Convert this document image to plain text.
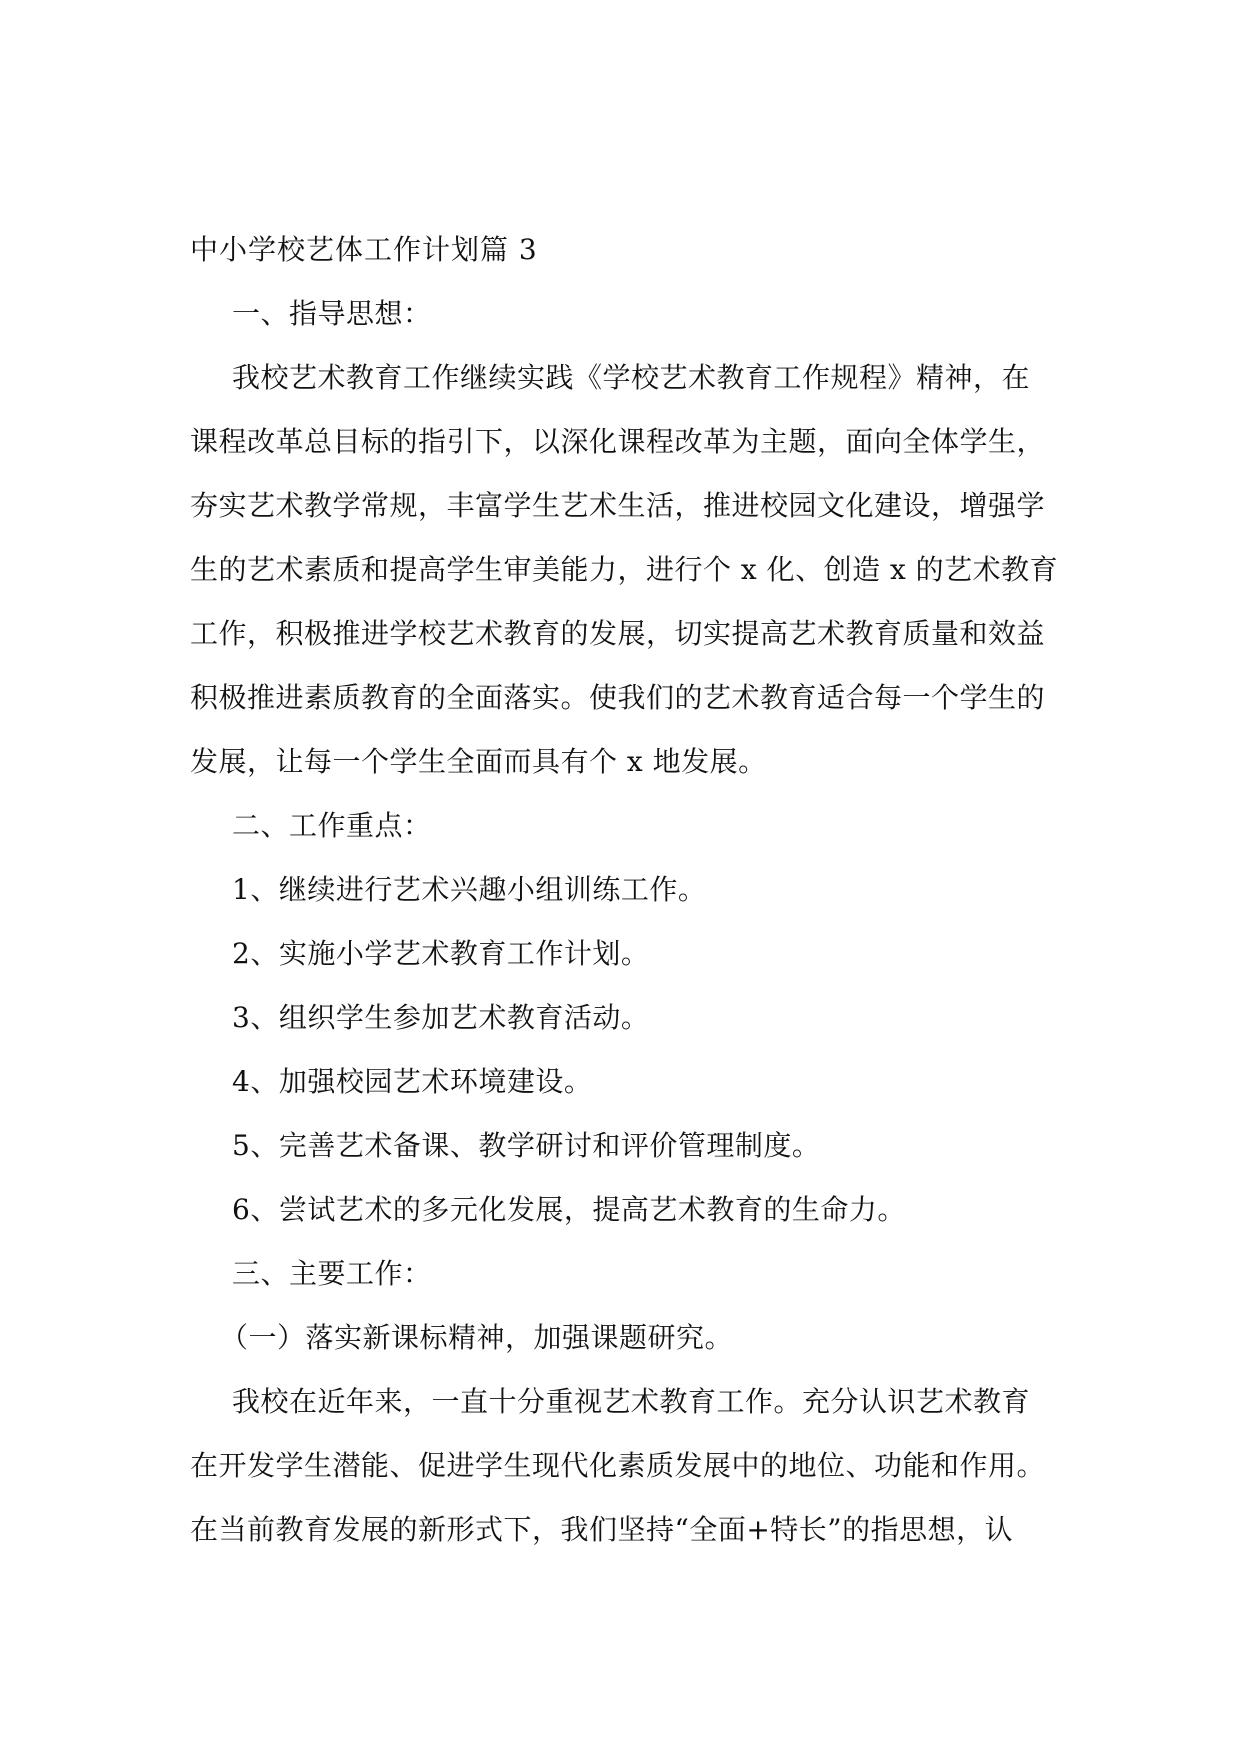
中小学校艺体工作计划篇 3
一、指导思想：
我校艺术教育工作继续实践《学校艺术教育工作规程》精神，在
课程改革总目标的指引下，以深化课程改革为主题，面向全体学生，
夯实艺术教学常规，丰富学生艺术生活，推进校园文化建设，增强学
生的艺术素质和提高学生审美能力，进行个 x 化、创造 x 的艺术教育
工作，积极推进学校艺术教育的发展，切实提高艺术教育质量和效益
积极推进素质教育的全面落实。使我们的艺术教育适合每一个学生的
发展，让每一个学生全面而具有个 x 地发展。
二、工作重点：
1、继续进行艺术兴趣小组训练工作。
2、实施小学艺术教育工作计划。
3、组织学生参加艺术教育活动。
4、加强校园艺术环境建设。
5、完善艺术备课、教学研讨和评价管理制度。
6、尝试艺术的多元化发展，提高艺术教育的生命力。
三、主要工作：
（一）落实新课标精神，加强课题研究。
我校在近年来，一直十分重视艺术教育工作。充分认识艺术教育
在开发学生潜能、促进学生现代化素质发展中的地位、功能和作用。
在当前教育发展的新形式下，我们坚持“全面+特长”的指思想，认
